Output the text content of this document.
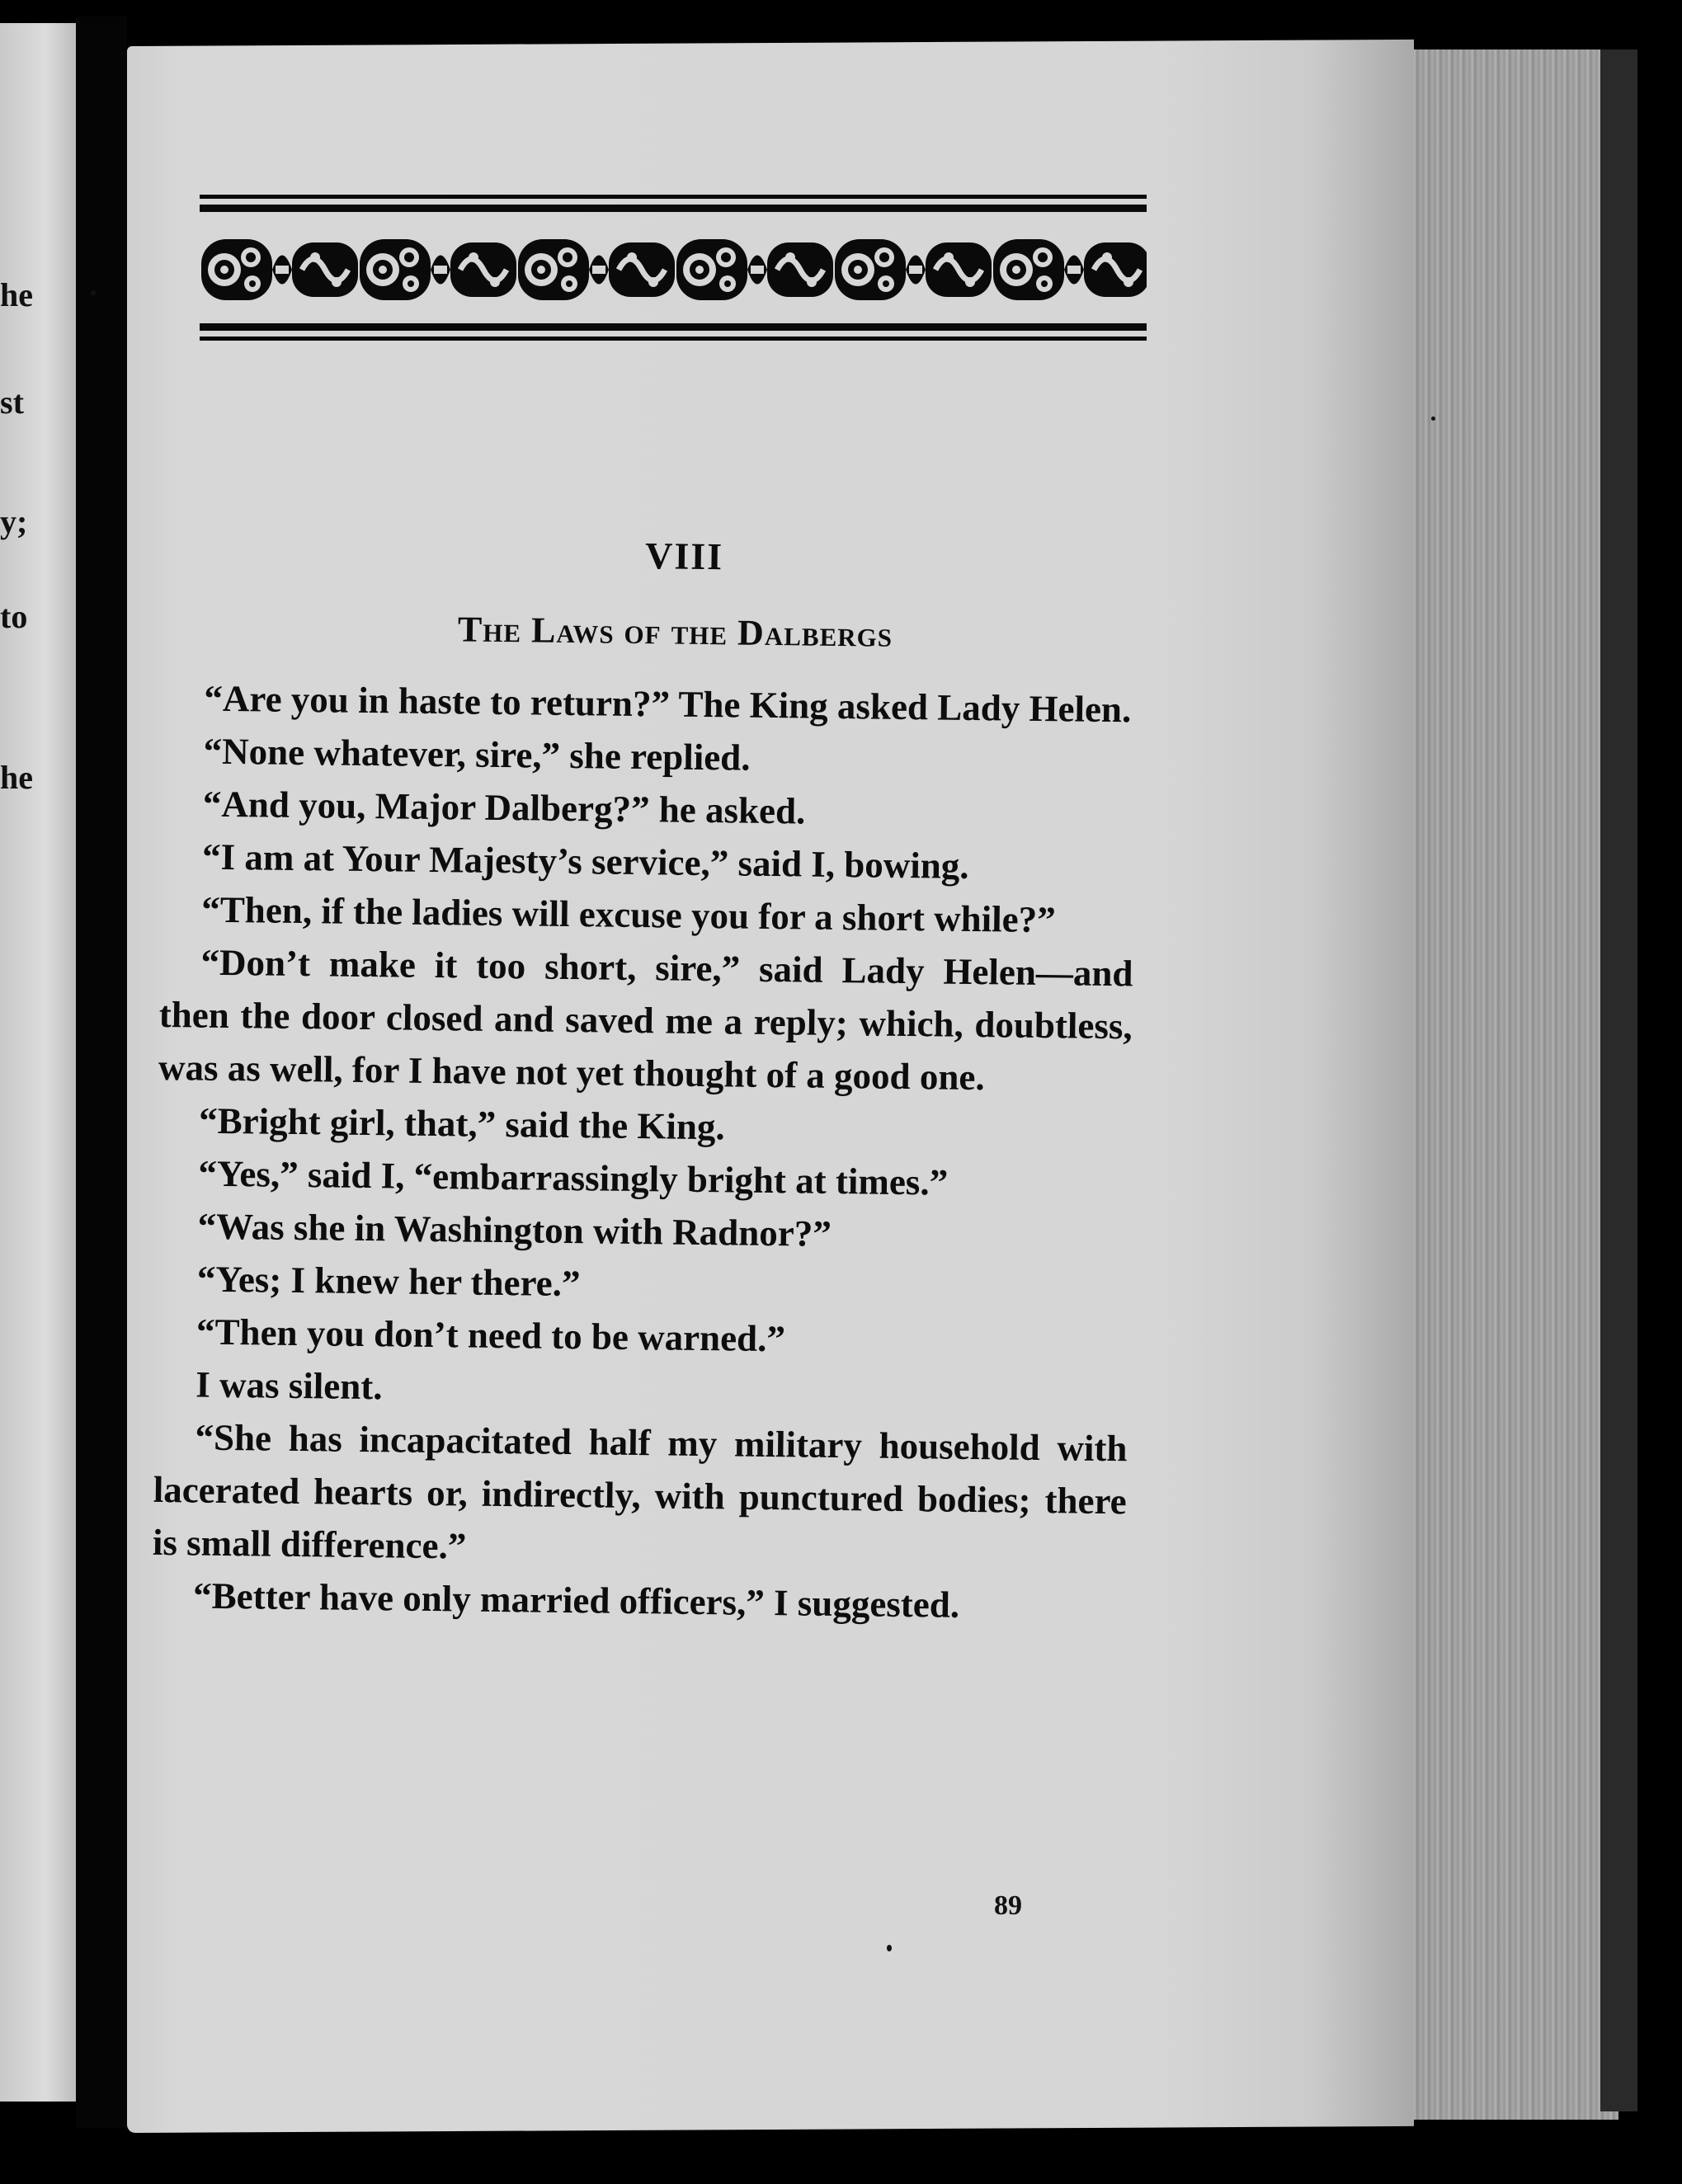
he
st
y;
to
he
VIII
The Laws of the Dalbergs

“Are you in haste to return?” The King asked Lady Helen.

“None whatever, sire,” she replied.

“And you, Major Dalberg?” he asked.

“I am at Your Majesty’s service,” said I, bowing.

“Then, if the ladies will excuse you for a short while?”

“Don’t make it too short, sire,” said Lady Helen—and then the door closed and saved me a reply; which, doubtless, was as well, for I have not yet thought of a good one.

“Bright girl, that,” said the King.

“Yes,” said I, “embarrassingly bright at times.”

“Was she in Washington with Radnor?”

“Yes; I knew her there.”

“Then you don’t need to be warned.”

I was silent.

“She has incapacitated half my military household with lacerated hearts or, indirectly, with punctured bodies; there is small difference.”

“Better have only married officers,” I suggested.

89
